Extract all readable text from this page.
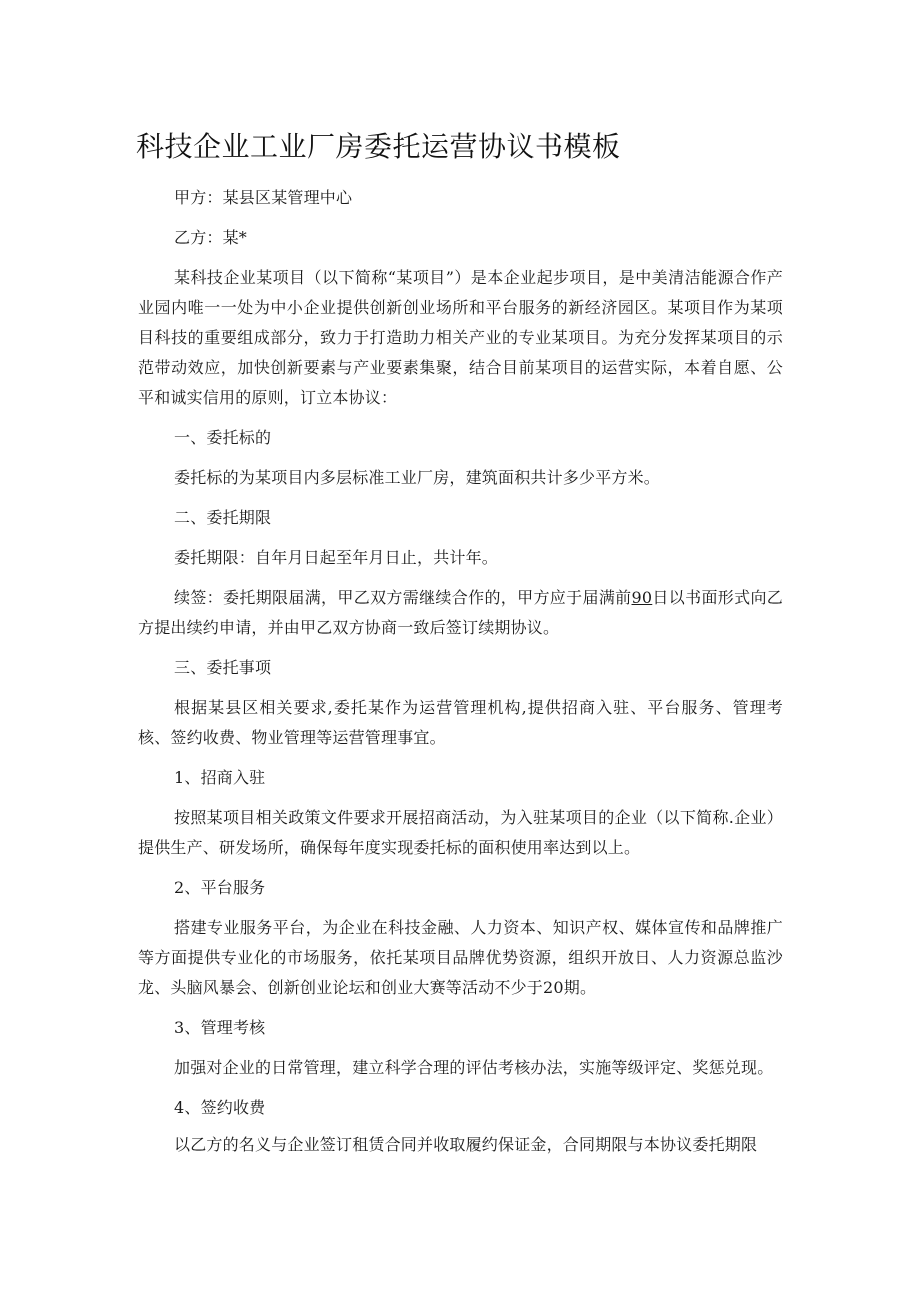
科技企业工业厂房委托运营协议书模板

甲方：某县区某管理中心

乙方：某*

某科技企业某项目（以下简称“某项目”）是本企业起步项目，是中美清洁能源合作产业园内唯一一处为中小企业提供创新创业场所和平台服务的新经济园区。某项目作为某项目科技的重要组成部分，致力于打造助力相关产业的专业某项目。为充分发挥某项目的示范带动效应，加快创新要素与产业要素集聚，结合目前某项目的运营实际，本着自愿、公平和诚实信用的原则，订立本协议：

一、委托标的

委托标的为某项目内多层标准工业厂房，建筑面积共计多少平方米。

二、委托期限

委托期限：自年月日起至年月日止，共计年。

续签：委托期限届满，甲乙双方需继续合作的，甲方应于届满前90日以书面形式向乙方提出续约申请，并由甲乙双方协商一致后签订续期协议。

三、委托事项

根据某县区相关要求,委托某作为运营管理机构,提供招商入驻、平台服务、管理考核、签约收费、物业管理等运营管理事宜。

1、招商入驻

按照某项目相关政策文件要求开展招商活动，为入驻某项目的企业（以下简称.企业）提供生产、研发场所，确保每年度实现委托标的面积使用率达到以上。

2、平台服务

搭建专业服务平台，为企业在科技金融、人力资本、知识产权、媒体宣传和品牌推广等方面提供专业化的市场服务，依托某项目品牌优势资源，组织开放日、人力资源总监沙龙、头脑风暴会、创新创业论坛和创业大赛等活动不少于20期。

3、管理考核

加强对企业的日常管理，建立科学合理的评估考核办法，实施等级评定、奖惩兑现。

4、签约收费

以乙方的名义与企业签订租赁合同并收取履约保证金，合同期限与本协议委托期限
